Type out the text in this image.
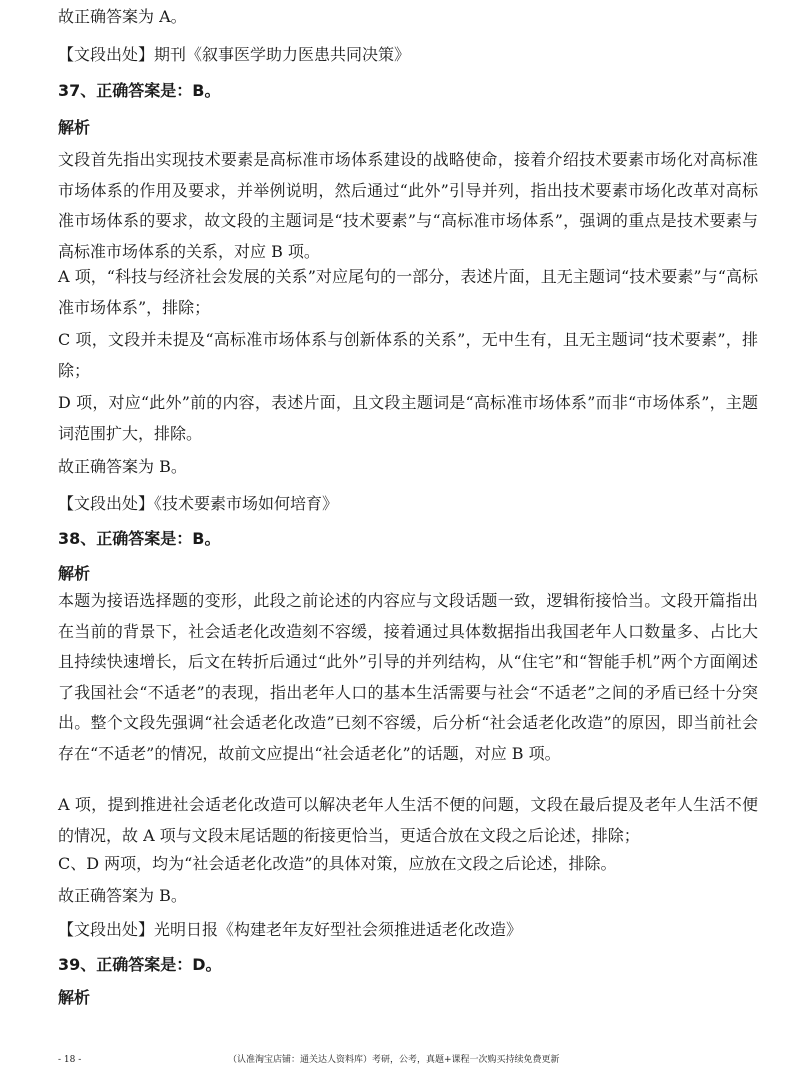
故正确答案为 A。
【文段出处】期刊《叙事医学助力医患共同决策》
37、正确答案是：B。
解析
文段首先指出实现技术要素是高标准市场体系建设的战略使命，接着介绍技术要素市场化对高标准市场体系的作用及要求，并举例说明，然后通过“此外”引导并列，指出技术要素市场化改革对高标准市场体系的要求，故文段的主题词是“技术要素”与“高标准市场体系”，强调的重点是技术要素与高标准市场体系的关系，对应 B 项。
A 项，“科技与经济社会发展的关系”对应尾句的一部分，表述片面，且无主题词“技术要素”与“高标准市场体系”，排除；
C 项，文段并未提及“高标准市场体系与创新体系的关系”，无中生有，且无主题词“技术要素”，排除；
D 项，对应“此外”前的内容，表述片面，且文段主题词是“高标准市场体系”而非“市场体系”，主题词范围扩大，排除。
故正确答案为 B。
【文段出处】《技术要素市场如何培育》
38、正确答案是：B。
解析
本题为接语选择题的变形，此段之前论述的内容应与文段话题一致，逻辑衔接恰当。文段开篇指出在当前的背景下，社会适老化改造刻不容缓，接着通过具体数据指出我国老年人口数量多、占比大且持续快速增长，后文在转折后通过“此外”引导的并列结构，从“住宅”和“智能手机”两个方面阐述了我国社会“不适老”的表现，指出老年人口的基本生活需要与社会“不适老”之间的矛盾已经十分突出。整个文段先强调“社会适老化改造”已刻不容缓，后分析“社会适老化改造”的原因，即当前社会存在“不适老”的情况，故前文应提出“社会适老化”的话题，对应 B 项。
A 项，提到推进社会适老化改造可以解决老年人生活不便的问题，文段在最后提及老年人生活不便的情况，故 A 项与文段末尾话题的衔接更恰当，更适合放在文段之后论述，排除；
C、D 两项，均为“社会适老化改造”的具体对策，应放在文段之后论述，排除。
故正确答案为 B。
【文段出处】光明日报《构建老年友好型社会须推进适老化改造》
39、正确答案是：D。
解析
- 18 -	（认准淘宝店铺：通关达人资料库）考研，公考，真题+课程一次购买持续免费更新
